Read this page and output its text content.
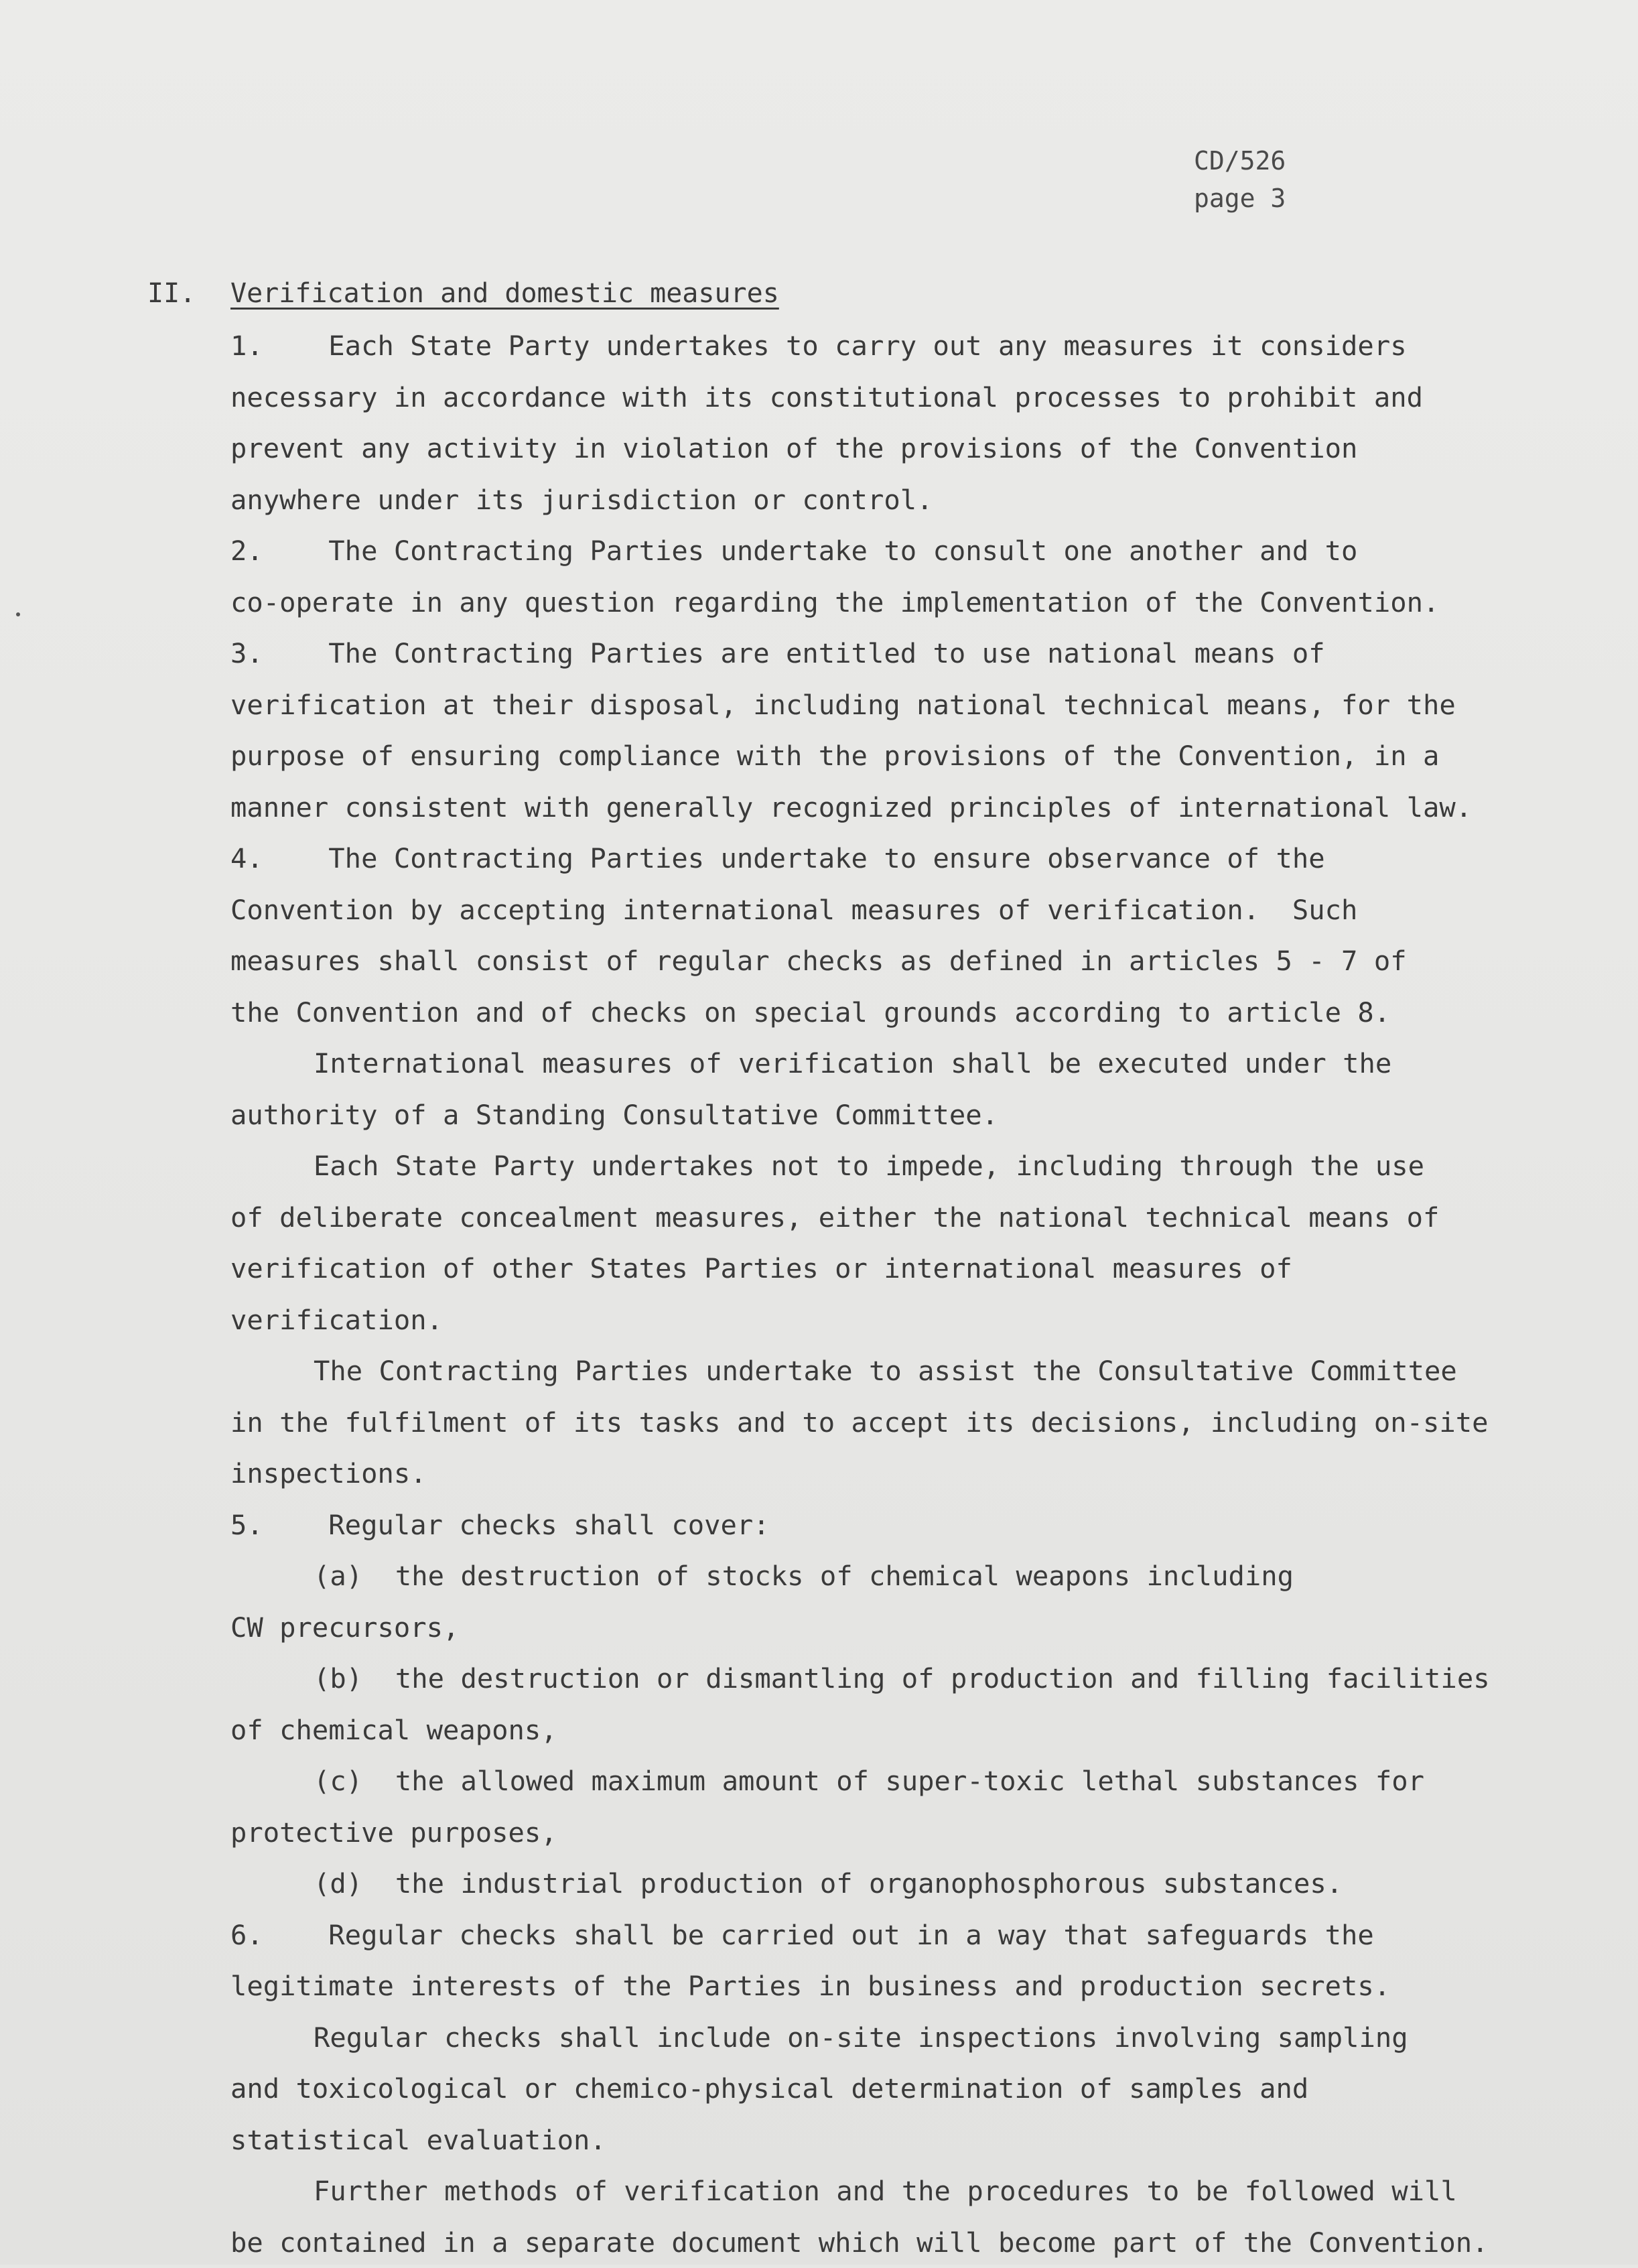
CD/526
page 3
II. Verification and domestic measures
1.    Each State Party undertakes to carry out any measures it considers
necessary in accordance with its constitutional processes to prohibit and
prevent any activity in violation of the provisions of the Convention
anywhere under its jurisdiction or control.
2.    The Contracting Parties undertake to consult one another and to
co-operate in any question regarding the implementation of the Convention.
3.    The Contracting Parties are entitled to use national means of
verification at their disposal, including national technical means, for the
purpose of ensuring compliance with the provisions of the Convention, in a
manner consistent with generally recognized principles of international law.
4.    The Contracting Parties undertake to ensure observance of the
Convention by accepting international measures of verification.  Such
measures shall consist of regular checks as defined in articles 5 - 7 of
the Convention and of checks on special grounds according to article 8.
International measures of verification shall be executed under the
authority of a Standing Consultative Committee.
Each State Party undertakes not to impede, including through the use
of deliberate concealment measures, either the national technical means of
verification of other States Parties or international measures of
verification.
The Contracting Parties undertake to assist the Consultative Committee
in the fulfilment of its tasks and to accept its decisions, including on-site
inspections.
5.    Regular checks shall cover:
(a)  the destruction of stocks of chemical weapons including
CW precursors,
(b)  the destruction or dismantling of production and filling facilities
of chemical weapons,
(c)  the allowed maximum amount of super-toxic lethal substances for
protective purposes,
(d)  the industrial production of organophosphorous substances.
6.    Regular checks shall be carried out in a way that safeguards the
legitimate interests of the Parties in business and production secrets.
Regular checks shall include on-site inspections involving sampling
and toxicological or chemico-physical determination of samples and
statistical evaluation.
Further methods of verification and the procedures to be followed will
be contained in a separate document which will become part of the Convention.
